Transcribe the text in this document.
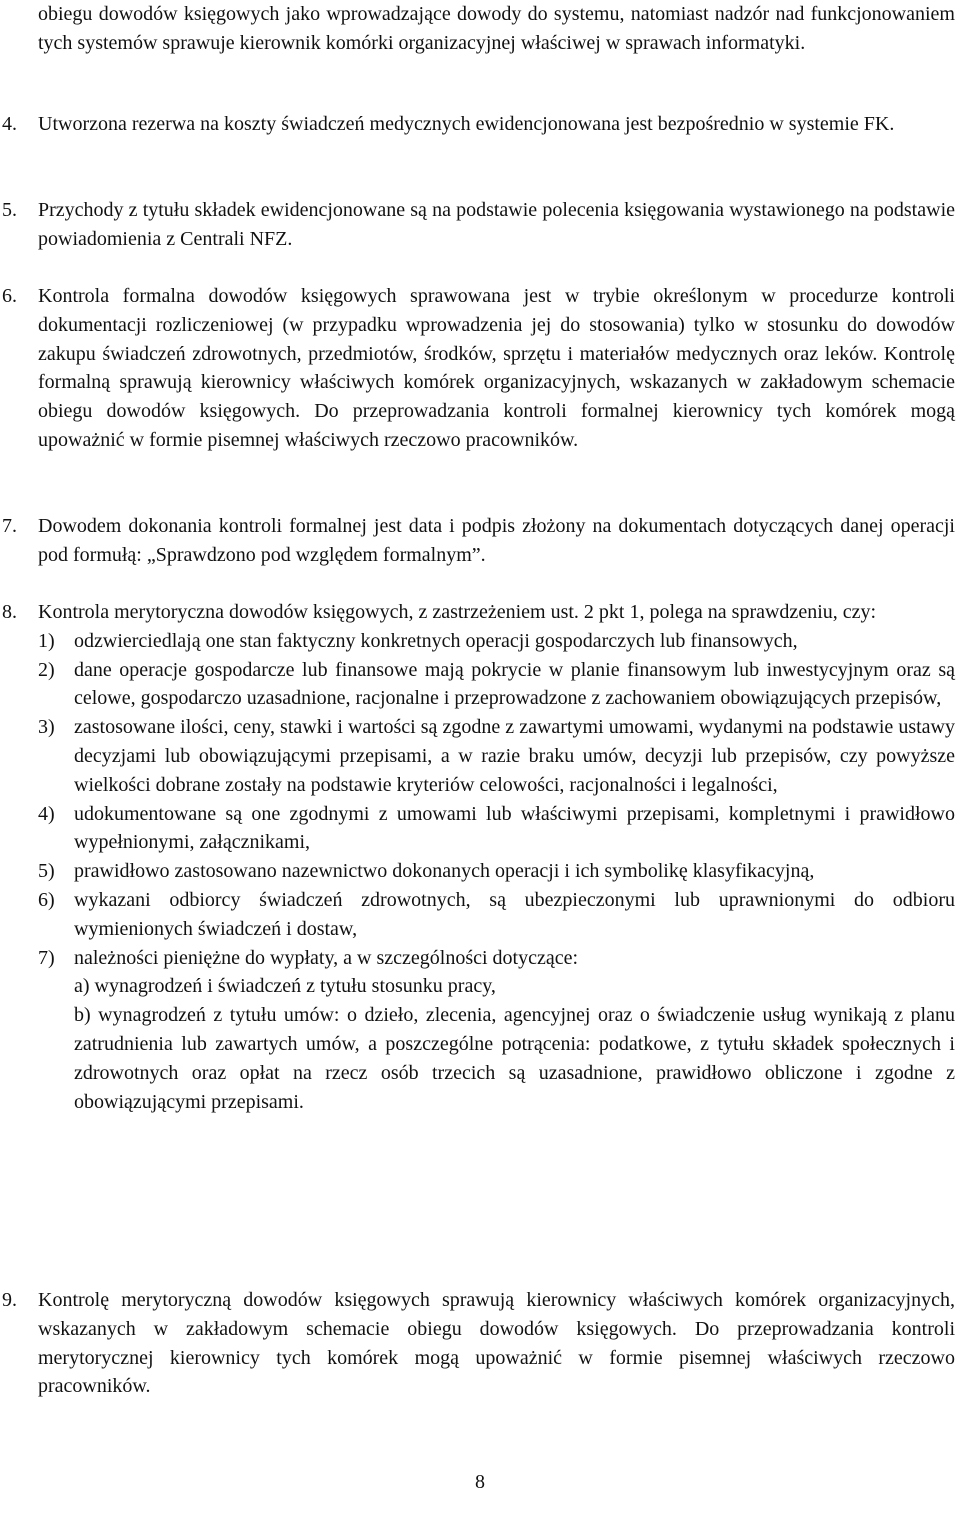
obiegu dowodów księgowych jako wprowadzające dowody do systemu, natomiast nadzór nad funkcjonowaniem tych systemów sprawuje kierownik komórki organizacyjnej właściwej w sprawach informatyki.

4. Utworzona rezerwa na koszty świadczeń medycznych ewidencjonowana jest bezpośrednio w systemie FK.

5. Przychody z tytułu składek ewidencjonowane są na podstawie polecenia księgowania wystawionego na podstawie powiadomienia z Centrali NFZ.

6. Kontrola formalna dowodów księgowych sprawowana jest w trybie określonym w procedurze kontroli dokumentacji rozliczeniowej (w przypadku wprowadzenia jej do stosowania) tylko w stosunku do dowodów zakupu świadczeń zdrowotnych, przedmiotów, środków, sprzętu i materiałów medycznych oraz leków. Kontrolę formalną sprawują kierownicy właściwych komórek organizacyjnych, wskazanych w zakładowym schemacie obiegu dowodów księgowych. Do przeprowadzania kontroli formalnej kierownicy tych komórek mogą upoważnić w formie pisemnej właściwych rzeczowo pracowników.

7. Dowodem dokonania kontroli formalnej jest data i podpis złożony na dokumentach dotyczących danej operacji pod formułą: „Sprawdzono pod względem formalnym”.

8. Kontrola merytoryczna dowodów księgowych, z zastrzeżeniem ust. 2 pkt 1, polega na sprawdzeniu, czy:

1) odzwierciedlają one stan faktyczny konkretnych operacji gospodarczych lub finansowych,

2) dane operacje gospodarcze lub finansowe mają pokrycie w planie finansowym lub inwestycyjnym oraz są celowe, gospodarczo uzasadnione, racjonalne i przeprowadzone z zachowaniem obowiązujących przepisów,

3) zastosowane ilości, ceny, stawki i wartości są zgodne z zawartymi umowami, wydanymi na podstawie ustawy decyzjami lub obowiązującymi przepisami, a w razie braku umów, decyzji lub przepisów, czy powyższe wielkości dobrane zostały na podstawie kryteriów celowości, racjonalności i legalności,

4) udokumentowane są one zgodnymi z umowami lub właściwymi przepisami, kompletnymi i prawidłowo wypełnionymi, załącznikami,

5) prawidłowo zastosowano nazewnictwo dokonanych operacji i ich symbolikę klasyfikacyjną,

6) wykazani odbiorcy świadczeń zdrowotnych, są ubezpieczonymi lub uprawnionymi do odbioru wymienionych świadczeń i dostaw,

7) należności pieniężne do wypłaty, a w szczególności dotyczące:

a) wynagrodzeń i świadczeń z tytułu stosunku pracy,

b) wynagrodzeń z tytułu umów: o dzieło, zlecenia, agencyjnej oraz o świadczenie usług wynikają z planu zatrudnienia lub zawartych umów, a poszczególne potrącenia: podatkowe, z tytułu składek społecznych i zdrowotnych oraz opłat na rzecz osób trzecich są uzasadnione, prawidłowo obliczone i zgodne z obowiązującymi przepisami.

9. Kontrolę merytoryczną dowodów księgowych sprawują kierownicy właściwych komórek organizacyjnych, wskazanych w zakładowym schemacie obiegu dowodów księgowych. Do przeprowadzania kontroli merytorycznej kierownicy tych komórek mogą upoważnić w formie pisemnej właściwych rzeczowo pracowników.

8
